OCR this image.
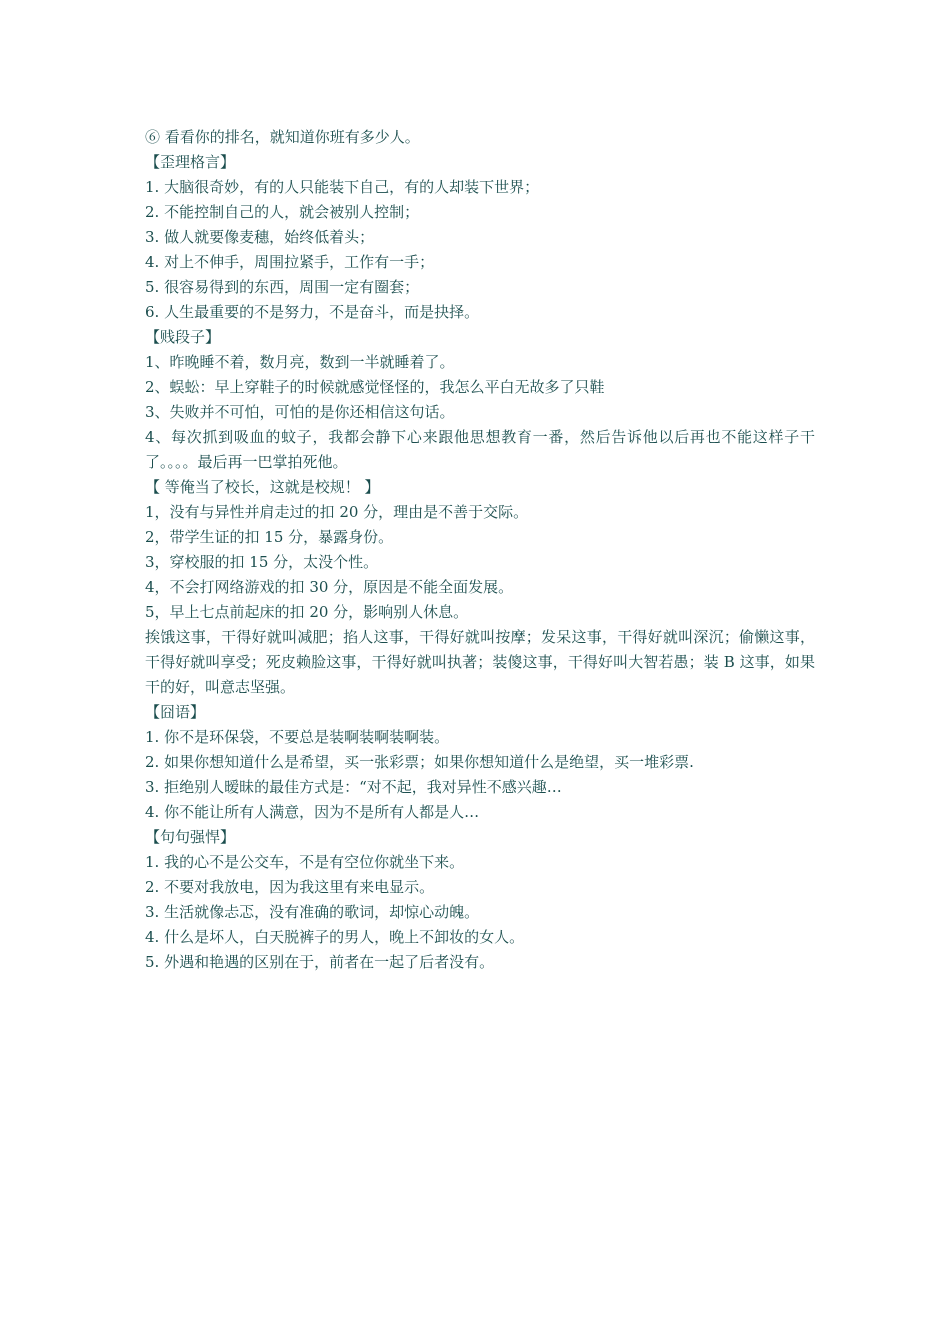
⑥ 看看你的排名，就知道你班有多少人。
【歪理格言】
1. 大脑很奇妙，有的人只能装下自己，有的人却装下世界；
2. 不能控制自己的人，就会被别人控制；
3. 做人就要像麦穗，始终低着头；
4. 对上不伸手，周围拉紧手，工作有一手；
5. 很容易得到的东西，周围一定有圈套；
6. 人生最重要的不是努力，不是奋斗，而是抉择。
【贱段子】
1、昨晚睡不着，数月亮，数到一半就睡着了。
2、蜈蚣：早上穿鞋子的时候就感觉怪怪的，我怎么平白无故多了只鞋
3、失败并不可怕，可怕的是你还相信这句话。
4、每次抓到吸血的蚊子，我都会静下心来跟他思想教育一番，然后告诉他以后再也不能这样子干了。。。。最后再一巴掌拍死他。
【 等俺当了校长，这就是校规！ 】
1，没有与异性并肩走过的扣 20 分，理由是不善于交际。
2，带学生证的扣 15 分，暴露身份。
3，穿校服的扣 15 分，太没个性。
4，不会打网络游戏的扣 30 分，原因是不能全面发展。
5，早上七点前起床的扣 20 分，影响别人休息。
挨饿这事，干得好就叫减肥；掐人这事，干得好就叫按摩；发呆这事，干得好就叫深沉；偷懒这事，干得好就叫享受；死皮赖脸这事，干得好就叫执著；装傻这事，干得好叫大智若愚；装 B 这事，如果干的好，叫意志坚强。
【囧语】
1. 你不是环保袋，不要总是装啊装啊装啊装。
2. 如果你想知道什么是希望，买一张彩票；如果你想知道什么是绝望，买一堆彩票.
3. 拒绝别人暧昧的最佳方式是：“对不起，我对异性不感兴趣…
4. 你不能让所有人满意，因为不是所有人都是人…
【句句强悍】
1. 我的心不是公交车，不是有空位你就坐下来。
2. 不要对我放电，因为我这里有来电显示。
3. 生活就像忐忑，没有准确的歌词，却惊心动魄。
4. 什么是坏人，白天脱裤子的男人，晚上不卸妆的女人。
5. 外遇和艳遇的区别在于，前者在一起了后者没有。
